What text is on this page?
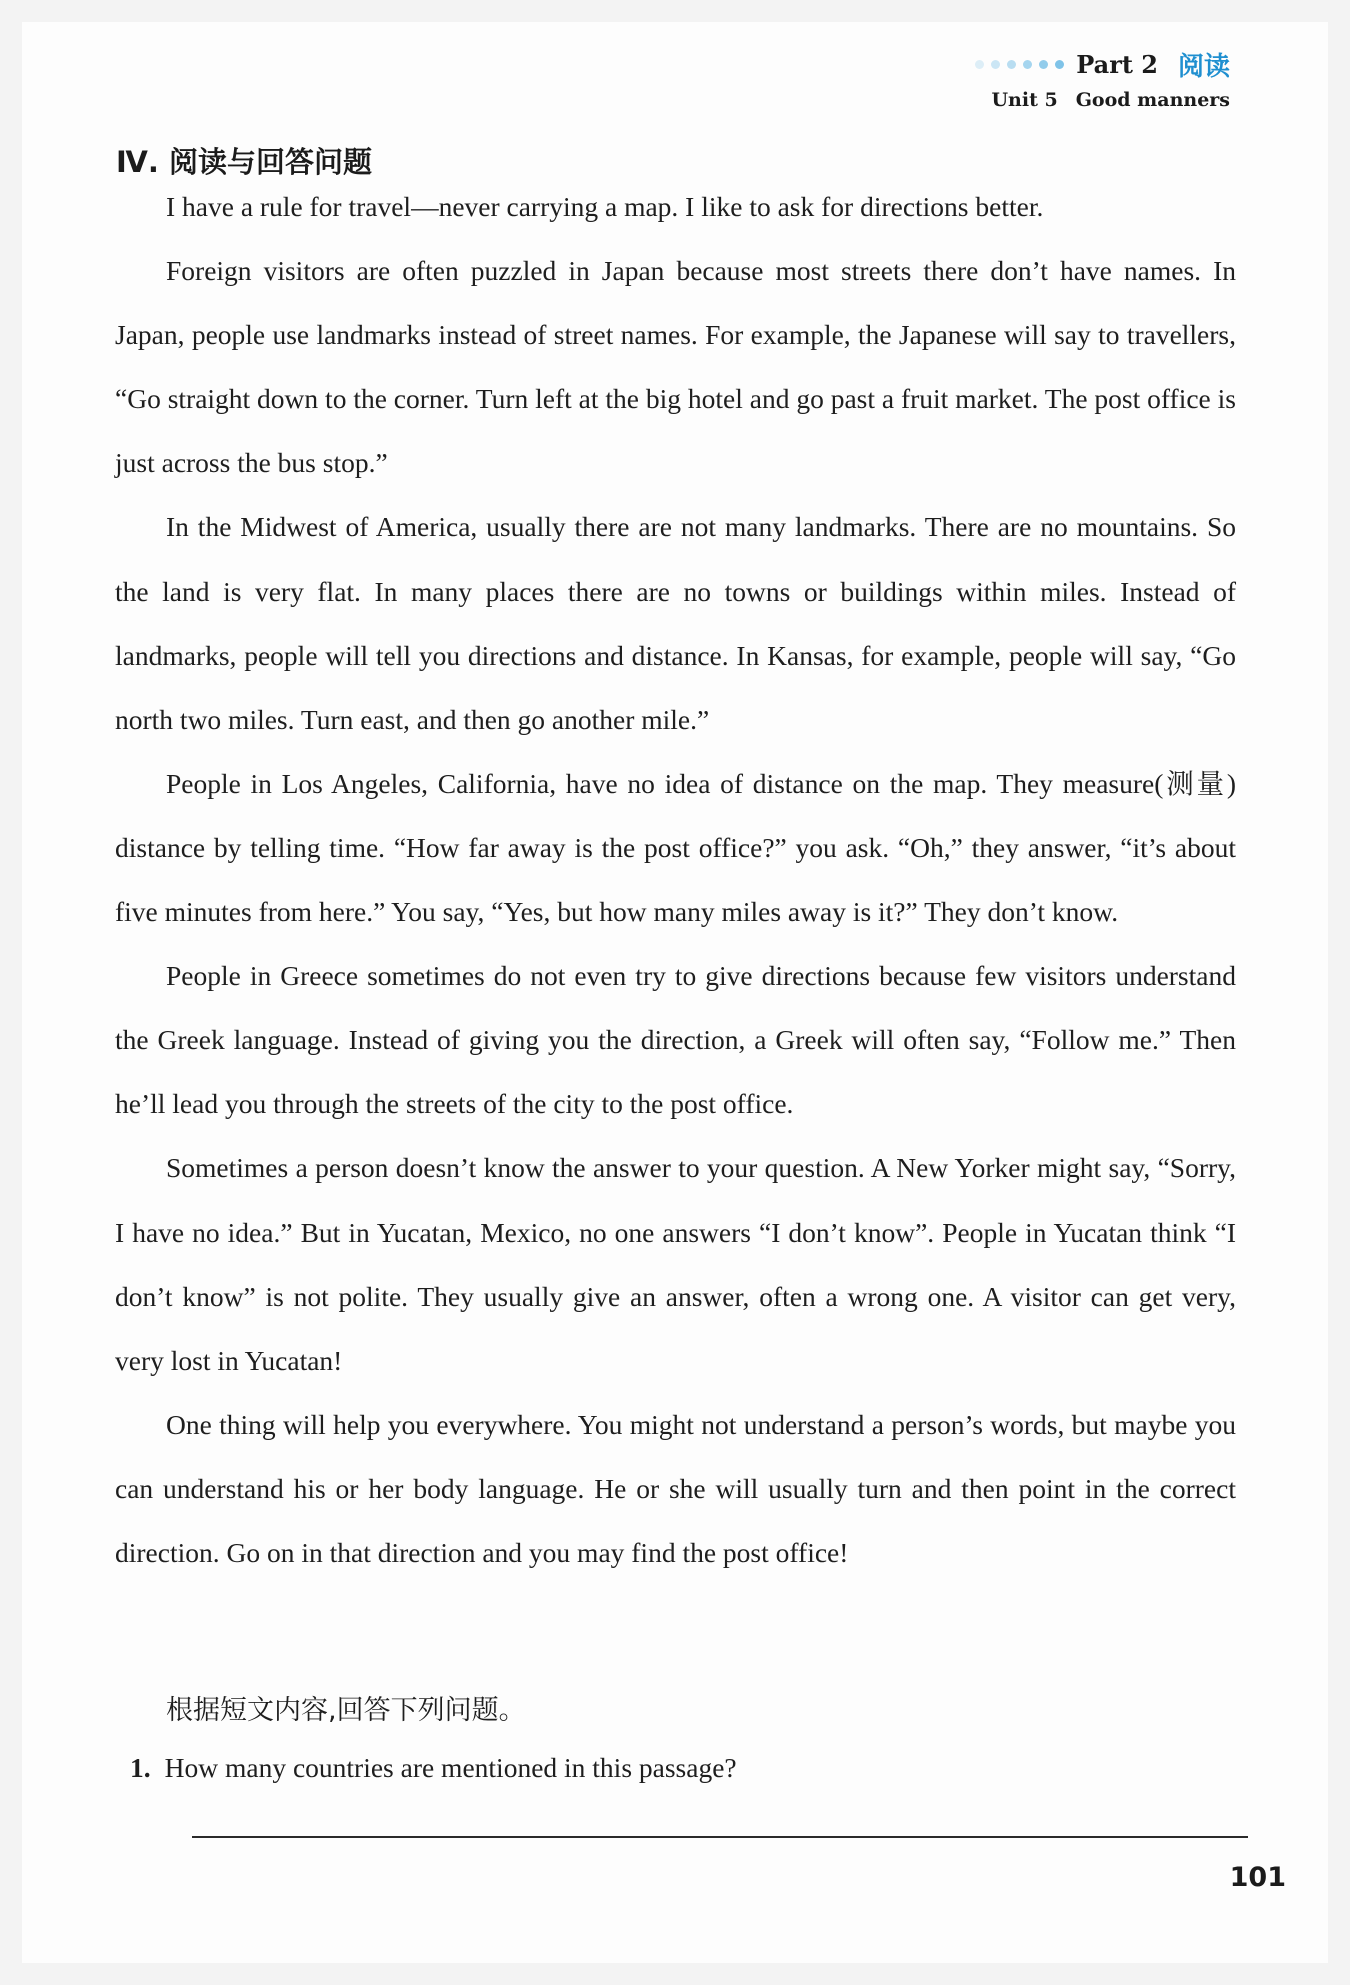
Part 2 阅读
Unit 5 Good manners
Ⅳ. 阅读与回答问题

I have a rule for travel—never carrying a map. I like to ask for directions better.

Foreign visitors are often puzzled in Japan because most streets there don’t have names. In Japan, people use landmarks instead of street names. For example, the Japanese will say to travellers, “Go straight down to the corner. Turn left at the big hotel and go past a fruit market. The post office is just across the bus stop.”

In the Midwest of America, usually there are not many landmarks. There are no mountains. So the land is very flat. In many places there are no towns or buildings within miles. Instead of landmarks, people will tell you directions and distance. In Kansas, for example, people will say, “Go north two miles. Turn east, and then go another mile.”

People in Los Angeles, California, have no idea of distance on the map. They measure(测量) distance by telling time. “How far away is the post office?” you ask. “Oh,” they answer, “it’s about five minutes from here.” You say, “Yes, but how many miles away is it?” They don’t know.

People in Greece sometimes do not even try to give directions because few visitors understand the Greek language. Instead of giving you the direction, a Greek will often say, “Follow me.” Then he’ll lead you through the streets of the city to the post office.

Sometimes a person doesn’t know the answer to your question. A New Yorker might say, “Sorry, I have no idea.” But in Yucatan, Mexico, no one answers “I don’t know”. People in Yucatan think “I don’t know” is not polite. They usually give an answer, often a wrong one. A visitor can get very, very lost in Yucatan!

One thing will help you everywhere. You might not understand a person’s words, but maybe you can understand his or her body language. He or she will usually turn and then point in the correct direction. Go on in that direction and you may find the post office!

根据短文内容,回答下列问题。
1. How many countries are mentioned in this passage?
101
